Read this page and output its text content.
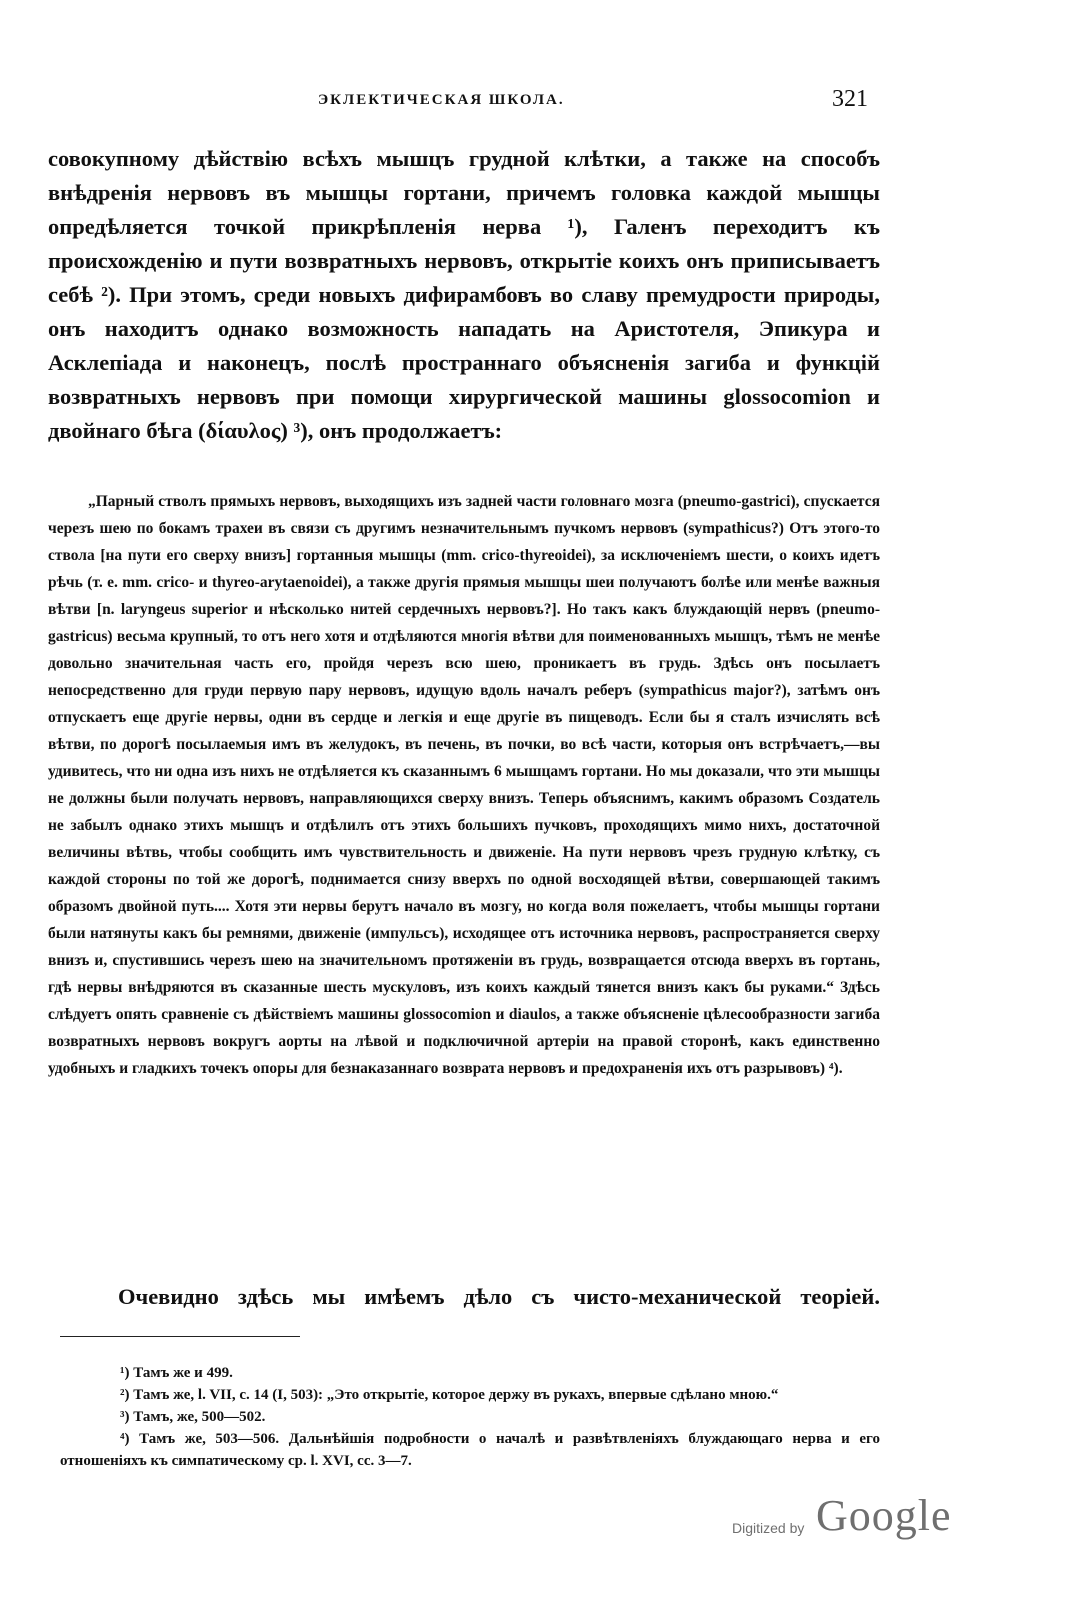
ЭКЛЕКТИЧЕСКАЯ ШКОЛА.	321

совокупному дѣйствію всѣхъ мышцъ грудной клѣтки, а также на способъ внѣдренія нервовъ въ мышцы гортани, причемъ головка каждой мышцы опредѣляется точкой прикрѣпленія нерва ¹), Галенъ переходитъ къ происхожденію и пути возвратныхъ нервовъ, открытіе коихъ онъ приписываетъ себѣ ²). При этомъ, среди новыхъ дифирамбовъ во славу премудрости природы, онъ находитъ однако возможность нападать на Аристотеля, Эпикура и Асклепіада и наконецъ, послѣ пространнаго объясненія загиба и функцій возвратныхъ нервовъ при помощи хирургической машины glossocomion и двойнаго бѣга (δίαυλος) ³), онъ продолжаетъ:

„Парный стволъ прямыхъ нервовъ, выходящихъ изъ задней части головнаго мозга (pneumo-gastrici), спускается черезъ шею по бокамъ трахеи въ связи съ другимъ незначительнымъ пучкомъ нервовъ (sympathicus?) Отъ этого-то ствола [на пути его сверху внизъ] гортанныя мышцы (mm. crico-thyreoidei), за исключеніемъ шести, о коихъ идетъ рѣчь (т. е. mm. crico- и thyreo-arytaenoidei), а также другія прямыя мышцы шеи получаютъ болѣе или менѣе важныя вѣтви [n. laryngeus superior и нѣсколько нитей сердечныхъ нервовъ?]. Но такъ какъ блуждающій нервъ (pneumo-gastricus) весьма крупный, то отъ него хотя и отдѣляются многія вѣтви для поименованныхъ мышцъ, тѣмъ не менѣе довольно значительная часть его, пройдя черезъ всю шею, проникаетъ въ грудь. Здѣсь онъ посылаетъ непосредственно для груди первую пару нервовъ, идущую вдоль началъ реберъ (sympathicus major?), затѣмъ онъ отпускаетъ еще другіе нервы, одни въ сердце и легкія и еще другіе въ пищеводъ. Если бы я сталъ изчислять всѣ вѣтви, по дорогѣ посылаемыя имъ въ желудокъ, въ печень, въ почки, во всѣ части, которыя онъ встрѣчаетъ,—вы удивитесь, что ни одна изъ нихъ не отдѣляется къ сказаннымъ 6 мышцамъ гортани. Но мы доказали, что эти мышцы не должны были получать нервовъ, направляющихся сверху внизъ. Теперь объяснимъ, какимъ образомъ Создатель не забылъ однако этихъ мышцъ и отдѣлилъ отъ этихъ большихъ пучковъ, проходящихъ мимо нихъ, достаточной величины вѣтвь, чтобы сообщить имъ чувствительность и движеніе. На пути нервовъ чрезъ грудную клѣтку, съ каждой стороны по той же дорогѣ, поднимается снизу вверхъ по одной восходящей вѣтви, совершающей такимъ образомъ двойной путь.... Хотя эти нервы берутъ начало въ мозгу, но когда воля пожелаетъ, чтобы мышцы гортани были натянуты какъ бы ремнями, движеніе (импульсъ), исходящее отъ источника нервовъ, распространяется сверху внизъ и, спустившись черезъ шею на значительномъ протяженіи въ грудь, возвращается отсюда вверхъ въ гортань, гдѣ нервы внѣдряются въ сказанные шесть мускуловъ, изъ коихъ каждый тянется внизъ какъ бы руками.“ Здѣсь слѣдуетъ опять сравненіе съ дѣйствіемъ машины glossocomion и diaulos, а также объясненіе цѣлесообразности загиба возвратныхъ нервовъ вокругъ аорты на лѣвой и подключичной артеріи на правой сторонѣ, какъ единственно удобныхъ и гладкихъ точекъ опоры для безнаказаннаго возврата нервовъ и предохраненія ихъ отъ разрывовъ) ⁴).

Очевидно здѣсь мы имѣемъ дѣло съ чисто-механической теоріей.

¹) Тамъ же и 499.

²) Тамъ же, l. VII, c. 14 (I, 503): „Это открытіе, которое держу въ рукахъ, впервые сдѣлано мною.“

³) Тамъ, же, 500—502.

⁴) Тамъ же, 503—506. Дальнѣйшія подробности о началѣ и развѣтвленіяхъ блуждающаго нерва и его отношеніяхъ къ симпатическому ср. l. XVI, cc. 3—7.

Digitized by Google
